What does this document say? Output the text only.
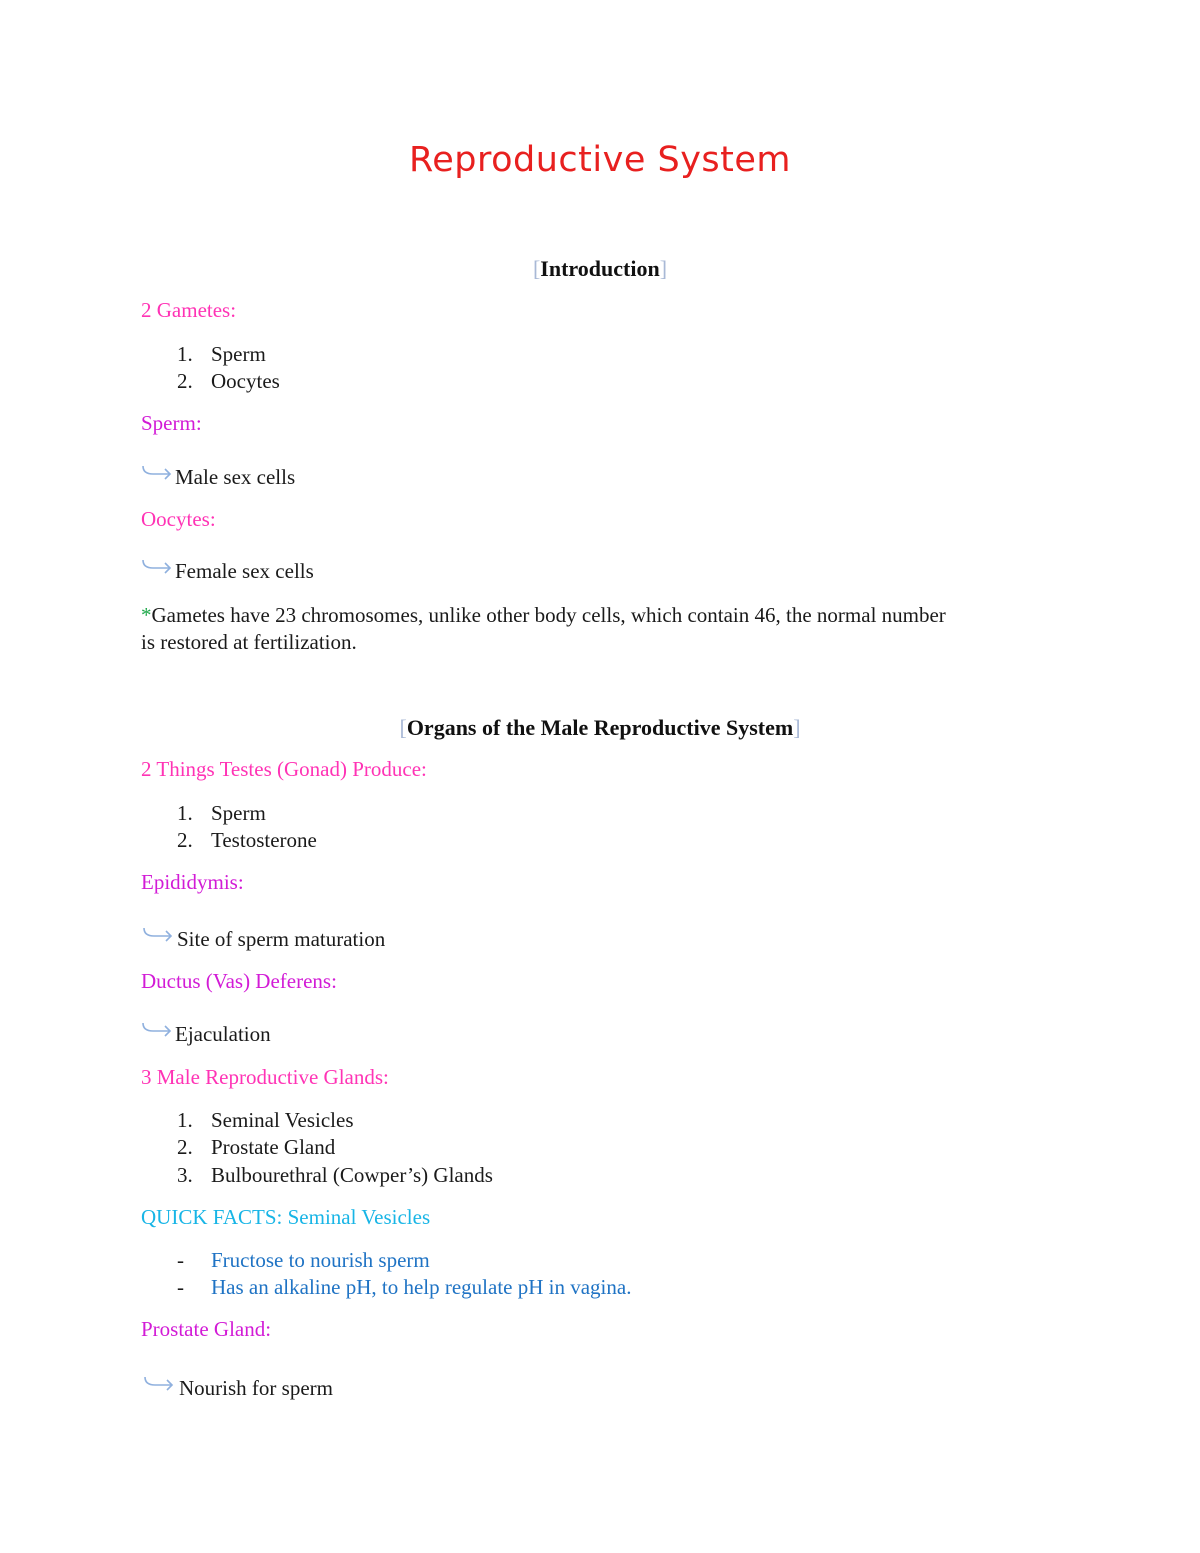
Reproductive System
[Introduction]
2 Gametes:
1. Sperm
2. Oocytes
Sperm:
Male sex cells
Oocytes:
Female sex cells
*Gametes have 23 chromosomes, unlike other body cells, which contain 46, the normal number
is restored at fertilization.
[Organs of the Male Reproductive System]
2 Things Testes (Gonad) Produce:
1. Sperm
2. Testosterone
Epididymis:
Site of sperm maturation
Ductus (Vas) Deferens:
Ejaculation
3 Male Reproductive Glands:
1. Seminal Vesicles
2. Prostate Gland
3. Bulbourethral (Cowper’s) Glands
QUICK FACTS: Seminal Vesicles
- Fructose to nourish sperm
- Has an alkaline pH, to help regulate pH in vagina.
Prostate Gland:
Nourish for sperm
